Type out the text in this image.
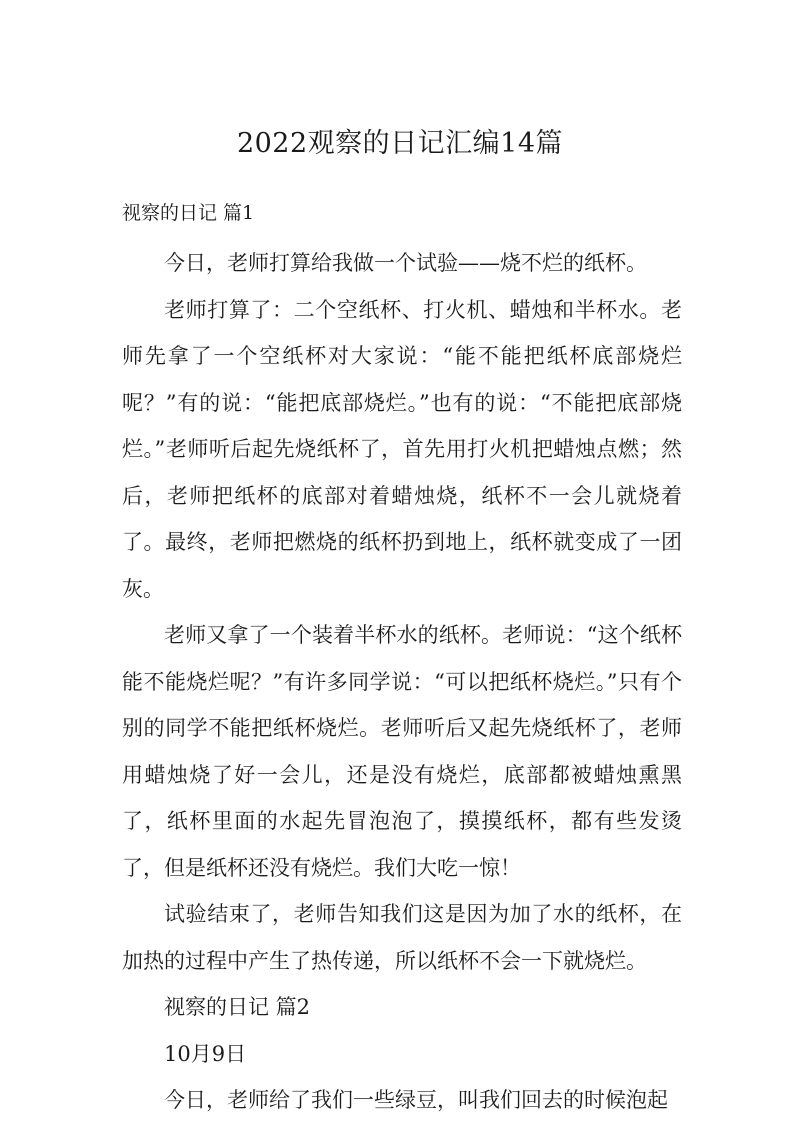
2022观察的日记汇编14篇
视察的日记 篇1

今日，老师打算给我做一个试验——烧不烂的纸杯。

老师打算了：二个空纸杯、打火机、蜡烛和半杯水。老师先拿了一个空纸杯对大家说：“能不能把纸杯底部烧烂呢？”有的说：“能把底部烧烂。”也有的说：“不能把底部烧烂。”老师听后起先烧纸杯了，首先用打火机把蜡烛点燃；然后，老师把纸杯的底部对着蜡烛烧，纸杯不一会儿就烧着了。最终，老师把燃烧的纸杯扔到地上，纸杯就变成了一团灰。

老师又拿了一个装着半杯水的纸杯。老师说：“这个纸杯能不能烧烂呢？”有许多同学说：“可以把纸杯烧烂。”只有个别的同学不能把纸杯烧烂。老师听后又起先烧纸杯了，老师用蜡烛烧了好一会儿，还是没有烧烂，底部都被蜡烛熏黑了，纸杯里面的水起先冒泡泡了，摸摸纸杯，都有些发烫了，但是纸杯还没有烧烂。我们大吃一惊！

试验结束了，老师告知我们这是因为加了水的纸杯，在加热的过程中产生了热传递，所以纸杯不会一下就烧烂。

视察的日记 篇2

10月9日

今日，老师给了我们一些绿豆，叫我们回去的时候泡起
